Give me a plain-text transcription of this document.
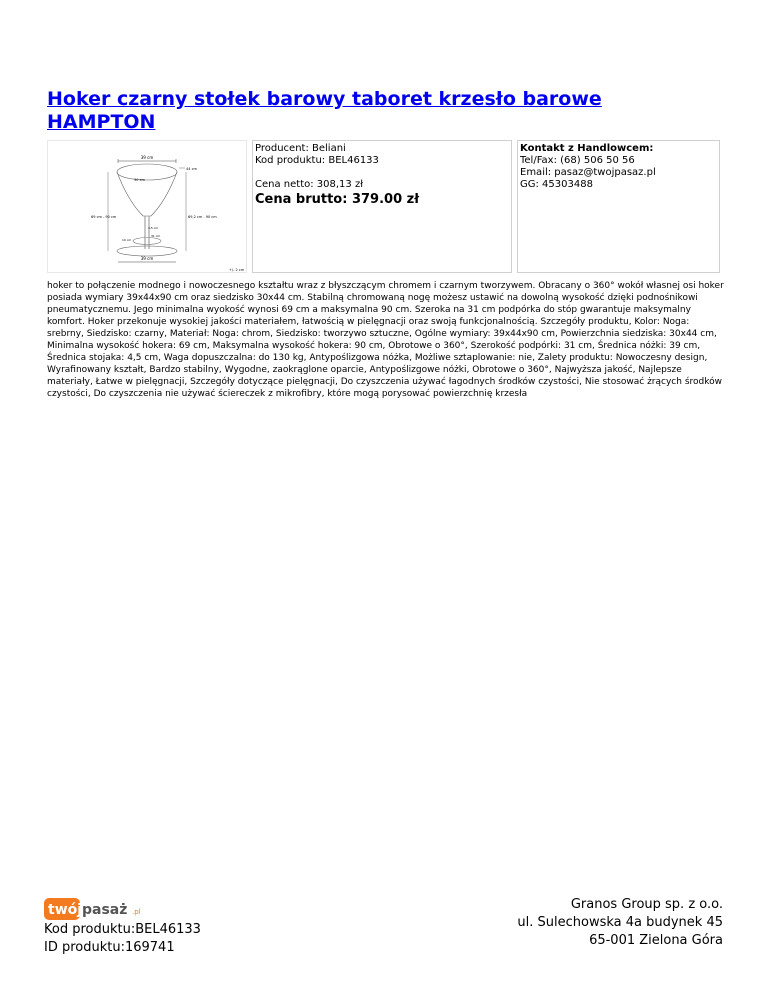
Hoker czarny stołek barowy taboret krzesło barowe HAMPTON
39 cm
30 cm
44 cm
4,5 cm
31 cm
10 cm
39 cm
69 cm - 90 cm	69,2 cm - 90 cm
+/- 2 cm
Producent: Beliani
Kod produktu: BEL46133
Cena netto: 308,13 zł
Cena brutto: 379.00 zł
Kontakt z Handlowcem:
Tel/Fax: (68) 506 50 56
Email: pasaz@twojpasaz.pl
GG: 45303488

hoker to połączenie modnego i nowoczesnego kształtu wraz z błyszczącym chromem i czarnym tworzywem. Obracany o 360° wokół własnej osi hoker posiada wymiary 39x44x90 cm oraz siedzisko 30x44 cm. Stabilną chromowaną nogę możesz ustawić na dowolną wysokość dzięki podnośnikowi pneumatycznemu. Jego minimalna wyokość wynosi 69 cm a maksymalna 90 cm. Szeroka na 31 cm podpórka do stóp gwarantuje maksymalny komfort. Hoker przekonuje wysokiej jakości materiałem, łatwością w pielęgnacji oraz swoją funkcjonalnością. Szczegóły produktu, Kolor: Noga: srebrny, Siedzisko: czarny, Materiał: Noga: chrom, Siedzisko: tworzywo sztuczne, Ogólne wymiary: 39x44x90 cm, Powierzchnia siedziska: 30x44 cm, Minimalna wysokość hokera: 69 cm, Maksymalna wysokość hokera: 90 cm, Obrotowe o 360°, Szerokość podpórki: 31 cm, Średnica nóżki: 39 cm, Średnica stojaka: 4,5 cm, Waga dopuszczalna: do 130 kg, Antypoślizgowa nóżka, Możliwe sztaplowanie: nie, Zalety produktu: Nowoczesny design, Wyrafinowany kształt, Bardzo stabilny, Wygodne, zaokrąglone oparcie, Antypoślizgowe nóżki, Obrotowe o 360°, Najwyższa jakość, Najlepsze materiały, Łatwe w pielęgnacji, Szczegóły dotyczące pielęgnacji, Do czyszczenia używać łagodnych środków czystości, Nie stosować żrących środków czystości, Do czyszczenia nie używać ściereczek z mikrofibry, które mogą porysować powierzchnię krzesła

twój pasaż .pl
Kod produktu:BEL46133
ID produktu:169741
Granos Group sp. z o.o.
ul. Sulechowska 4a budynek 45
65-001 Zielona Góra
